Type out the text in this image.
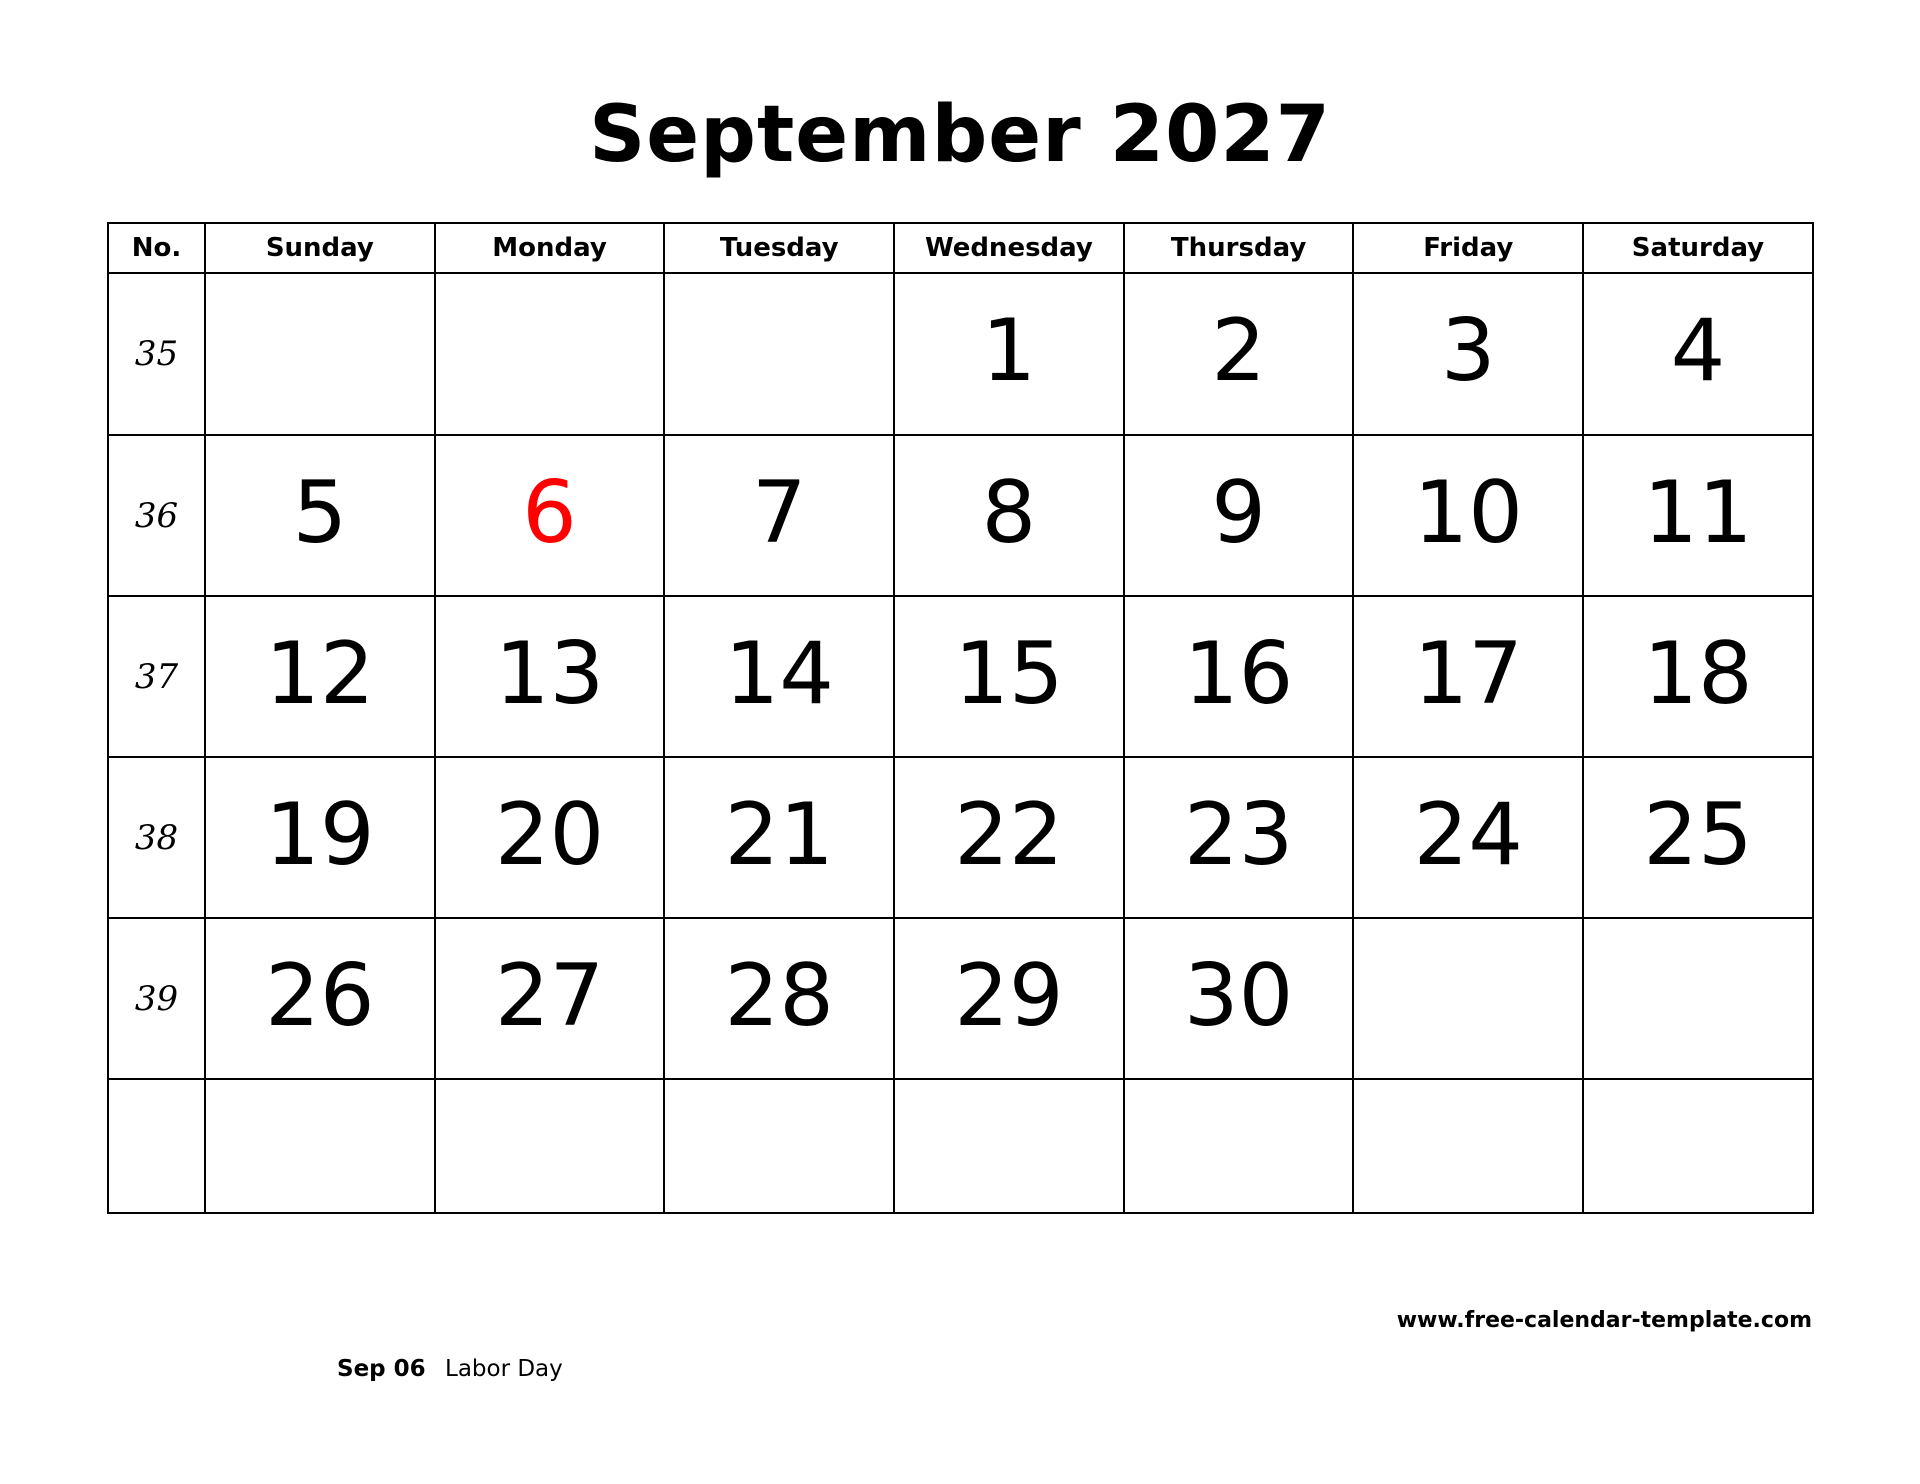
September 2027
No.	Sunday	Monday	Tuesday	Wednesday	Thursday	Friday	Saturday
35				1	2	3	4

36	5	6	7	8	9	10	11

37	12	13	14	15	16	17	18

38	19	20	21	22	23	24	25

39	26	27	28	29	30		

www.free-calendar-template.com
Sep 06 Labor Day
